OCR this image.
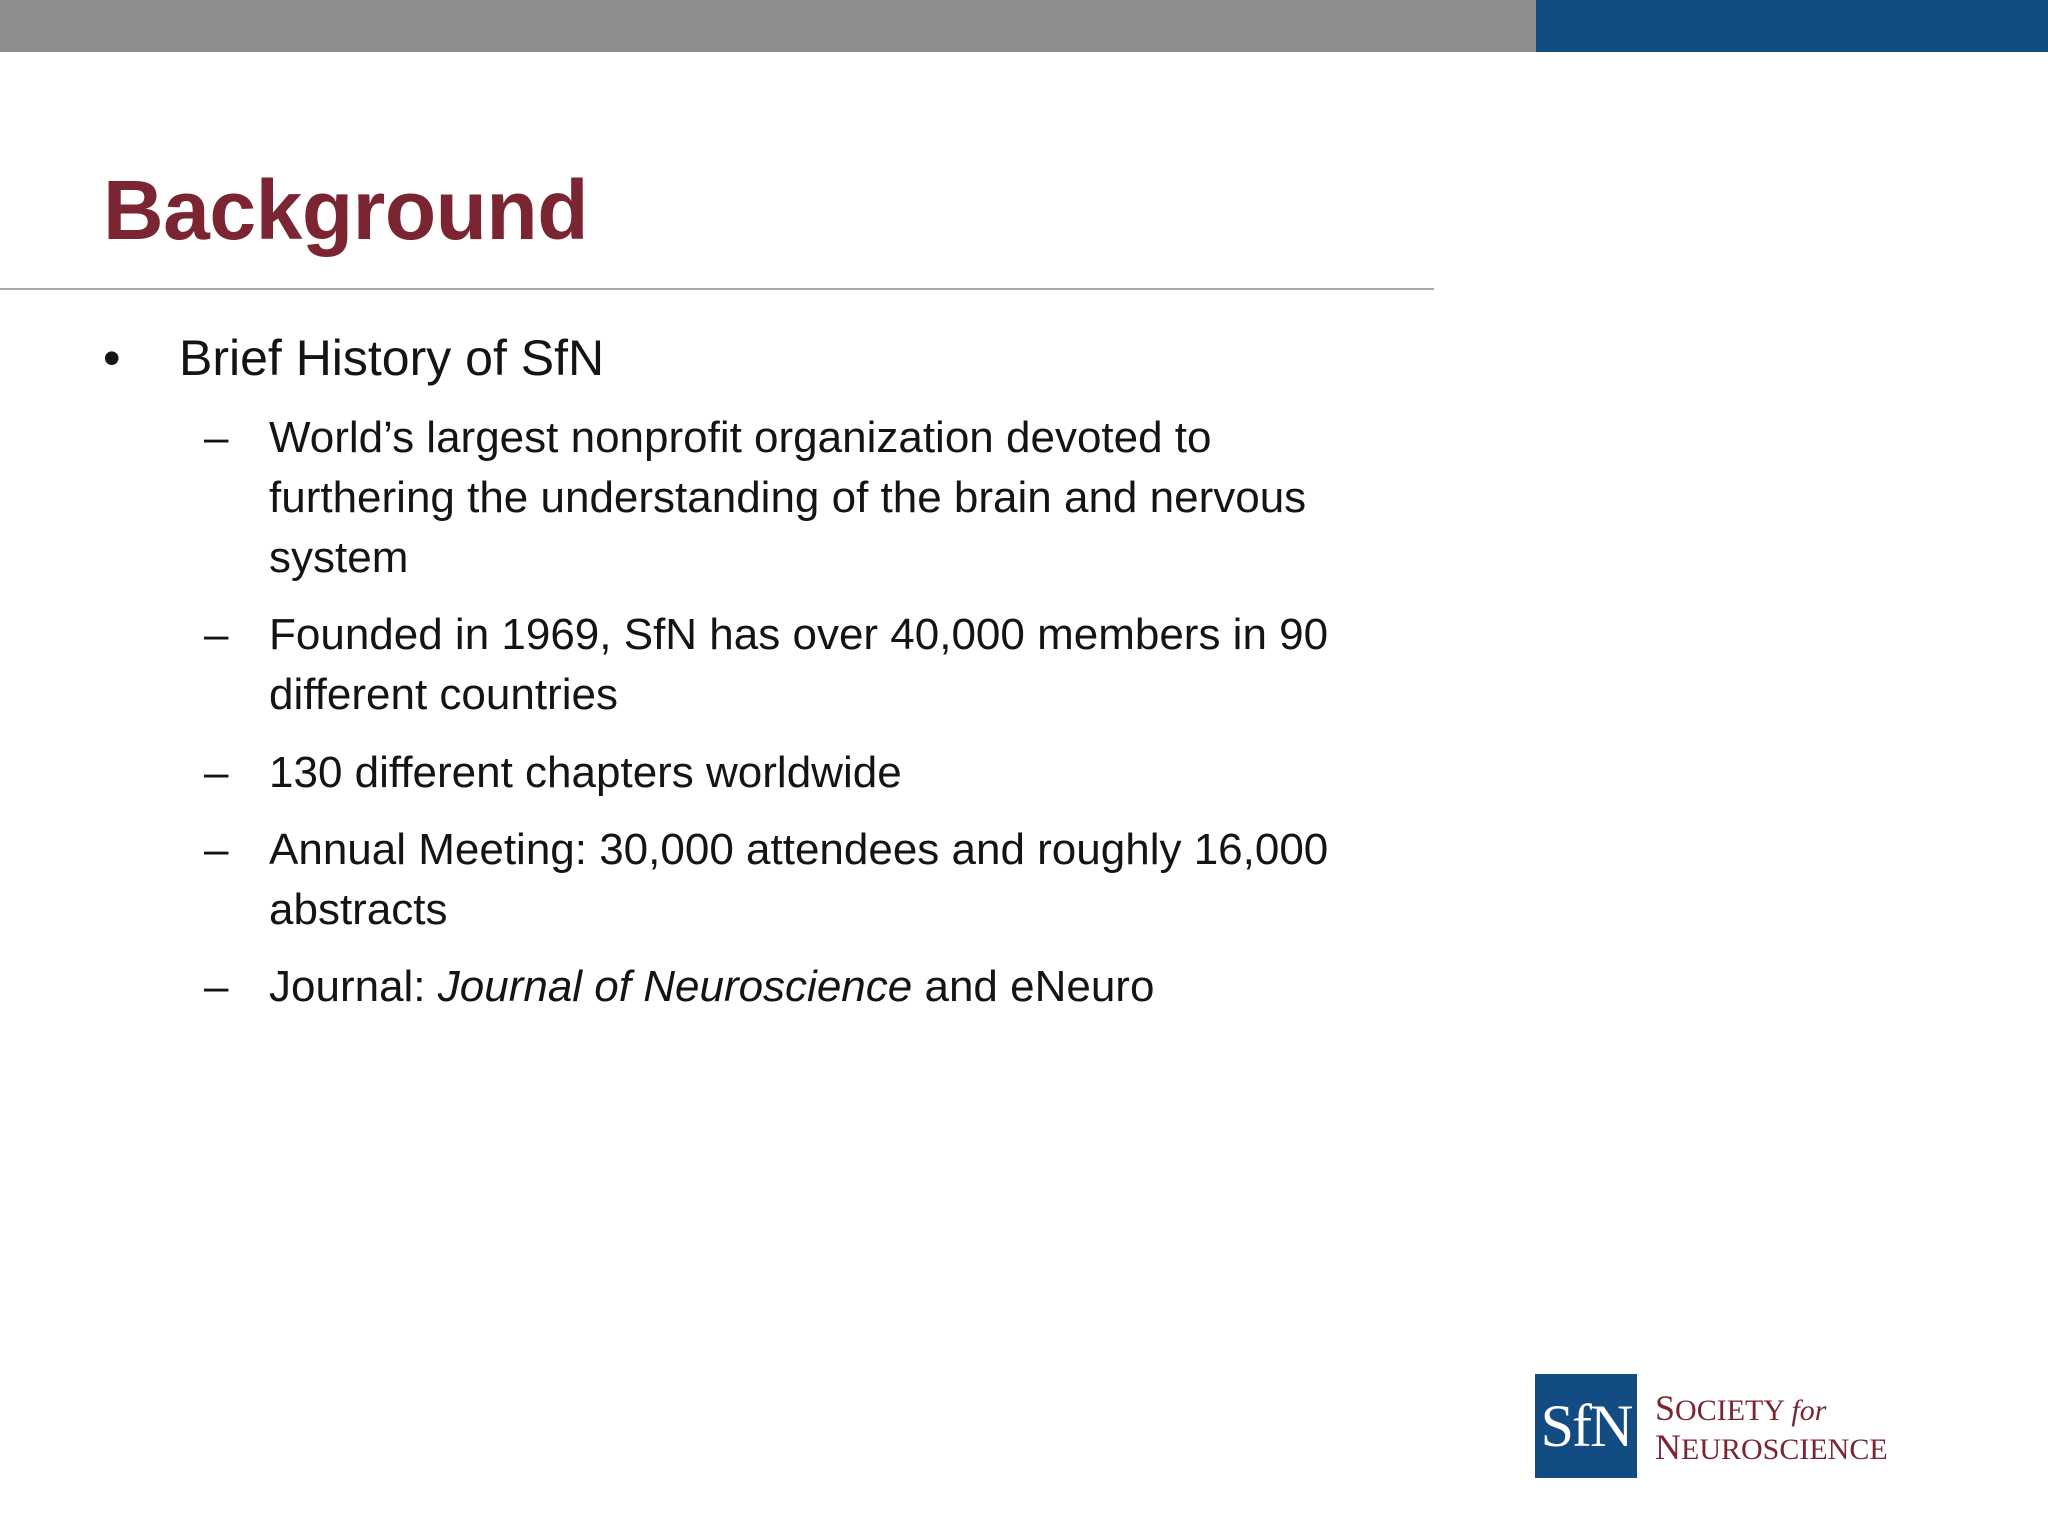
Background
•	Brief History of SfN
– World’s largest nonprofit organization devoted to
furthering the understanding of the brain and nervous
system
– Founded in 1969, SfN has over 40,000 members in 90
different countries
– 130 different chapters worldwide
– Annual Meeting: 30,000 attendees and roughly 16,000
abstracts
– Journal: Journal of Neuroscience and eNeuro
SfN SOCIETY for
NEUROSCIENCE
